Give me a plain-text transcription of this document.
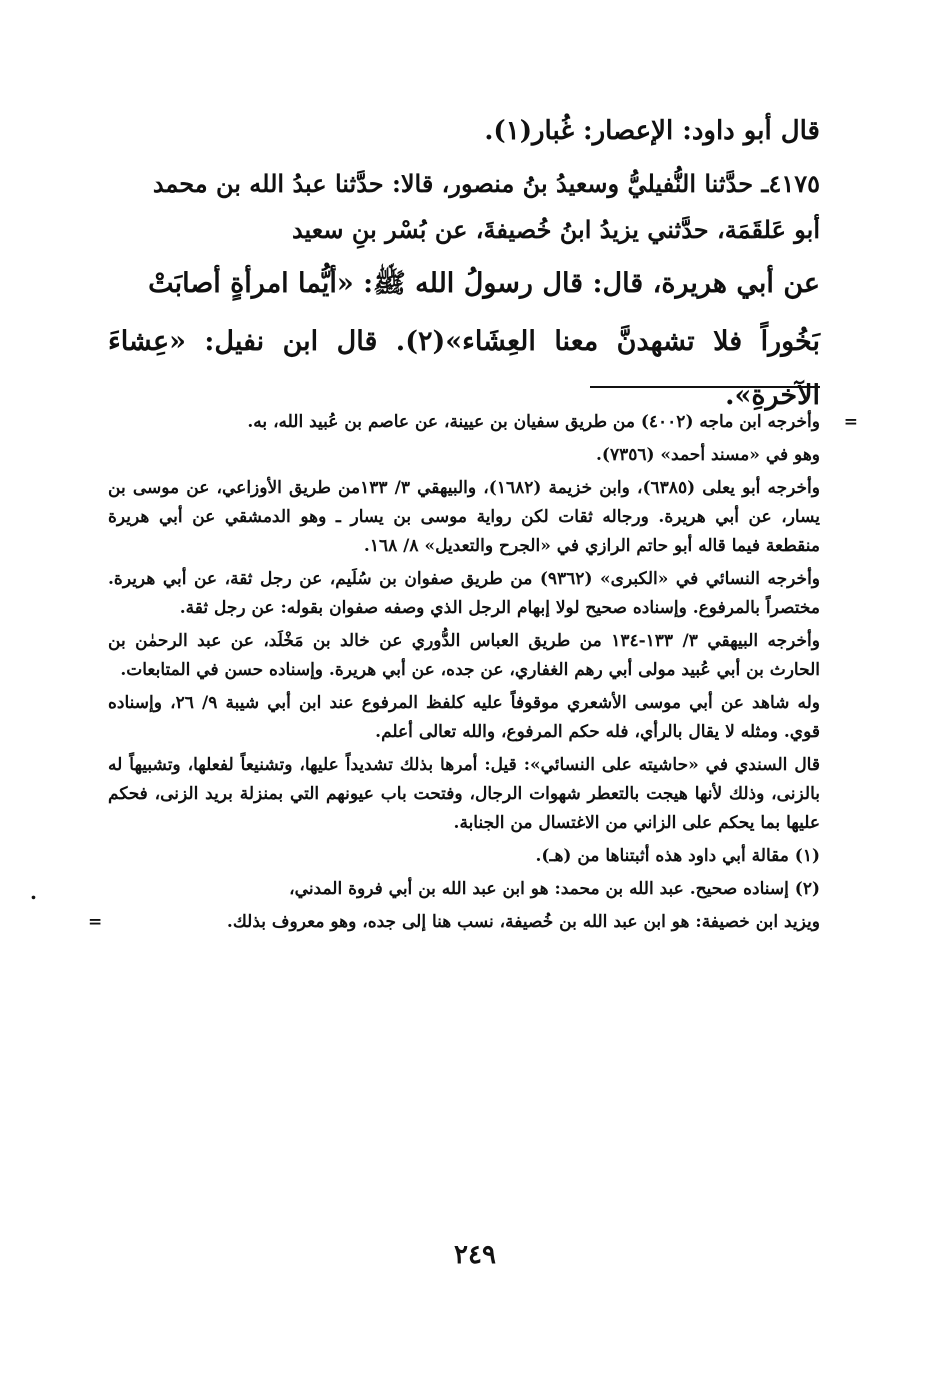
قال أبو داود: الإعصار: غُبار(١).

٤١٧٥ـ حدَّثنا النُّفيليُّ وسعيدُ بنُ منصور، قالا: حدَّثنا عبدُ الله بن محمد

أبو عَلقَمَة، حدَّثني يزيدُ ابنُ خُصيفةَ، عن بُسْر بنِ سعيد

عن أبي هريرة، قال: قال رسولُ الله ﷺ: «أيُّما امرأةٍ أصابَتْ

بَخُوراً فلا تشهدنَّ معنا العِشَاء»(٢). قال ابن نفيل: «عِشاءَ الآخرةِ».

=
وأخرجه ابن ماجه (٤٠٠٢) من طريق سفيان بن عيينة، عن عاصم بن عُبيد الله، به.

وهو في «مسند أحمد» (٧٣٥٦).

وأخرجه أبو يعلى (٦٣٨٥)، وابن خزيمة (١٦٨٢)، والبيهقي ٣/ ١٣٣من طريق الأوزاعي، عن موسى بن يسار، عن أبي هريرة. ورجاله ثقات لكن رواية موسى بن يسار ـ وهو الدمشقي عن أبي هريرة منقطعة فيما قاله أبو حاتم الرازي في «الجرح والتعديل» ٨/ ١٦٨.

وأخرجه النسائي في «الكبرى» (٩٣٦٢) من طريق صفوان بن سُلَيم، عن رجل ثقة، عن أبي هريرة. مختصراً بالمرفوع. وإسناده صحيح لولا إبهام الرجل الذي وصفه صفوان بقوله: عن رجل ثقة.

وأخرجه البيهقي ٣/ ١٣٣-١٣٤ من طريق العباس الدُّوري عن خالد بن مَخْلَد، عن عبد الرحمٰن بن الحارث بن أبي عُبيد مولى أبي رهم الغفاري، عن جده، عن أبي هريرة. وإسناده حسن في المتابعات.

وله شاهد عن أبي موسى الأشعري موقوفاً عليه كلفظ المرفوع عند ابن أبي شيبة ٩/ ٢٦، وإسناده قوي. ومثله لا يقال بالرأي، فله حكم المرفوع، والله تعالى أعلم.

قال السندي في «حاشيته على النسائي»: قيل: أمرها بذلك تشديداً عليها، وتشنيعاً لفعلها، وتشبيهاً له بالزنى، وذلك لأنها هيجت بالتعطر شهوات الرجال، وفتحت باب عيونهم التي بمنزلة بريد الزنى، فحكم عليها بما يحكم على الزاني من الاغتسال من الجنابة.

(١) مقالة أبي داود هذه أثبتناها من (هـ).

(٢) إسناده صحيح. عبد الله بن محمد: هو ابن عبد الله بن أبي فروة المدني،

ويزيد ابن خصيفة: هو ابن عبد الله بن خُصيفة، نسب هنا إلى جده، وهو معروف بذلك.
=

.
٢٤٩
